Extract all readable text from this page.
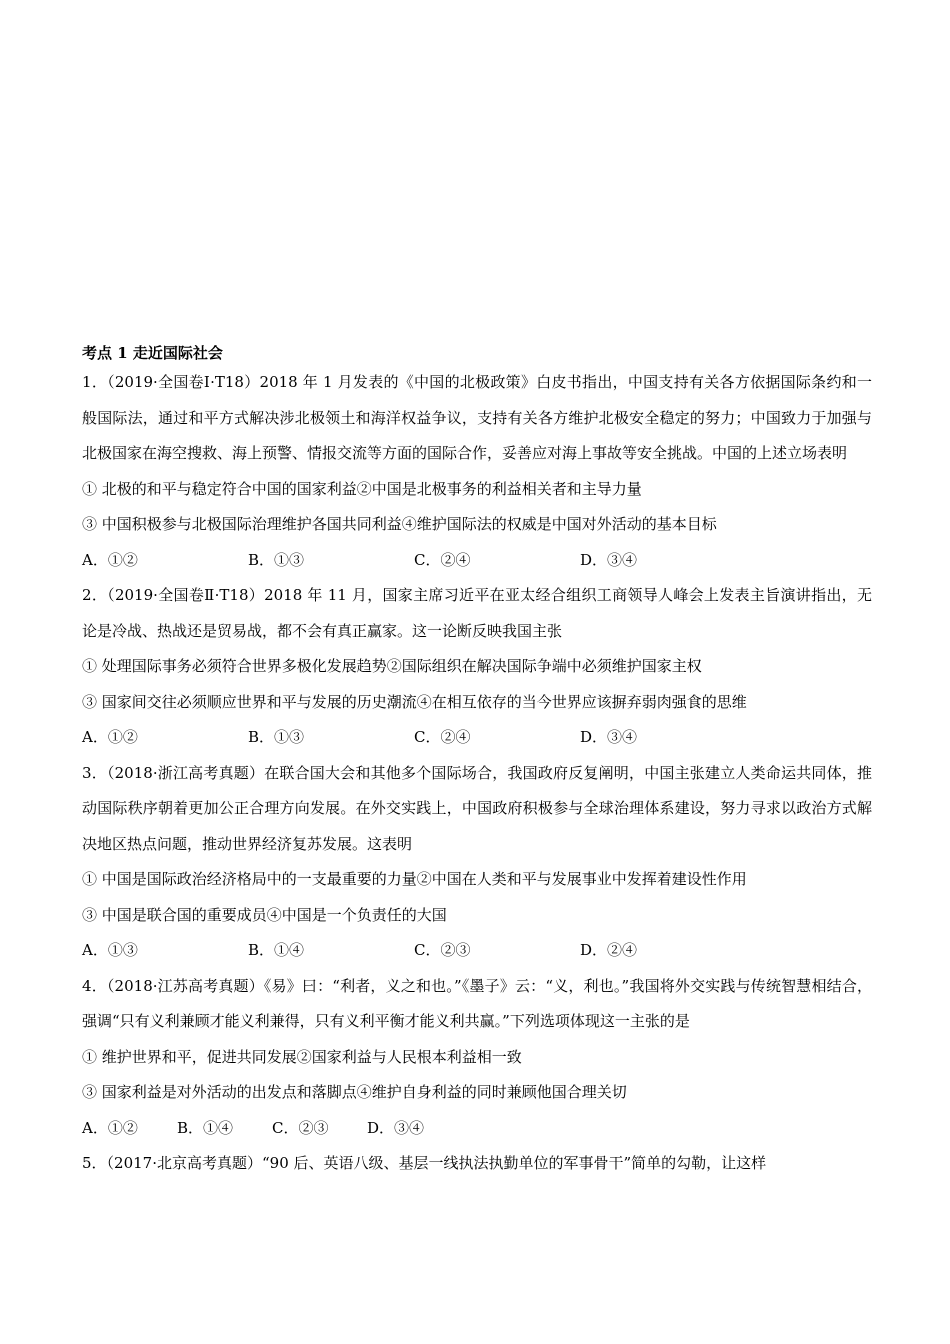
考点 1 走近国际社会
1．（2019·全国卷Ⅰ·T18）2018 年 1 月发表的《中国的北极政策》白皮书指出，中国支持有关各方依据国际条约和一般国际法，通过和平方式解决涉北极领土和海洋权益争议，支持有关各方维护北极安全稳定的努力；中国致力于加强与北极国家在海空搜救、海上预警、情报交流等方面的国际合作，妥善应对海上事故等安全挑战。中国的上述立场表明
① 北极的和平与稳定符合中国的国家利益②中国是北极事务的利益相关者和主导力量
③ 中国积极参与北极国际治理维护各国共同利益④维护国际法的权威是中国对外活动的基本目标
A．①②	B．①③	C．②④	D．③④
2．（2019·全国卷Ⅱ·T18）2018 年 11 月，国家主席习近平在亚太经合组织工商领导人峰会上发表主旨演讲指出，无论是冷战、热战还是贸易战，都不会有真正赢家。这一论断反映我国主张
① 处理国际事务必须符合世界多极化发展趋势②国际组织在解决国际争端中必须维护国家主权
③ 国家间交往必须顺应世界和平与发展的历史潮流④在相互依存的当今世界应该摒弃弱肉强食的思维
A．①②	B．①③	C．②④	D．③④
3．（2018·浙江高考真题）在联合国大会和其他多个国际场合，我国政府反复阐明，中国主张建立人类命运共同体，推动国际秩序朝着更加公正合理方向发展。在外交实践上，中国政府积极参与全球治理体系建设，努力寻求以政治方式解决地区热点问题，推动世界经济复苏发展。这表明
① 中国是国际政治经济格局中的一支最重要的力量②中国在人类和平与发展事业中发挥着建设性作用
③ 中国是联合国的重要成员④中国是一个负责任的大国
A．①③	B．①④	C．②③	D．②④
4．（2018·江苏高考真题）《易》曰：“利者，义之和也。”《墨子》云：“义，利也。”我国将外交实践与传统智慧相结合，强调“只有义利兼顾才能义利兼得，只有义利平衡才能义利共赢。”下列选项体现这一主张的是
① 维护世界和平，促进共同发展②国家利益与人民根本利益相一致
③ 国家利益是对外活动的出发点和落脚点④维护自身利益的同时兼顾他国合理关切
A．①②	B．①④	C．②③	D．③④
5．（2017·北京高考真题）“90 后、英语八级、基层一线执法执勤单位的军事骨干”简单的勾勒，让这样
